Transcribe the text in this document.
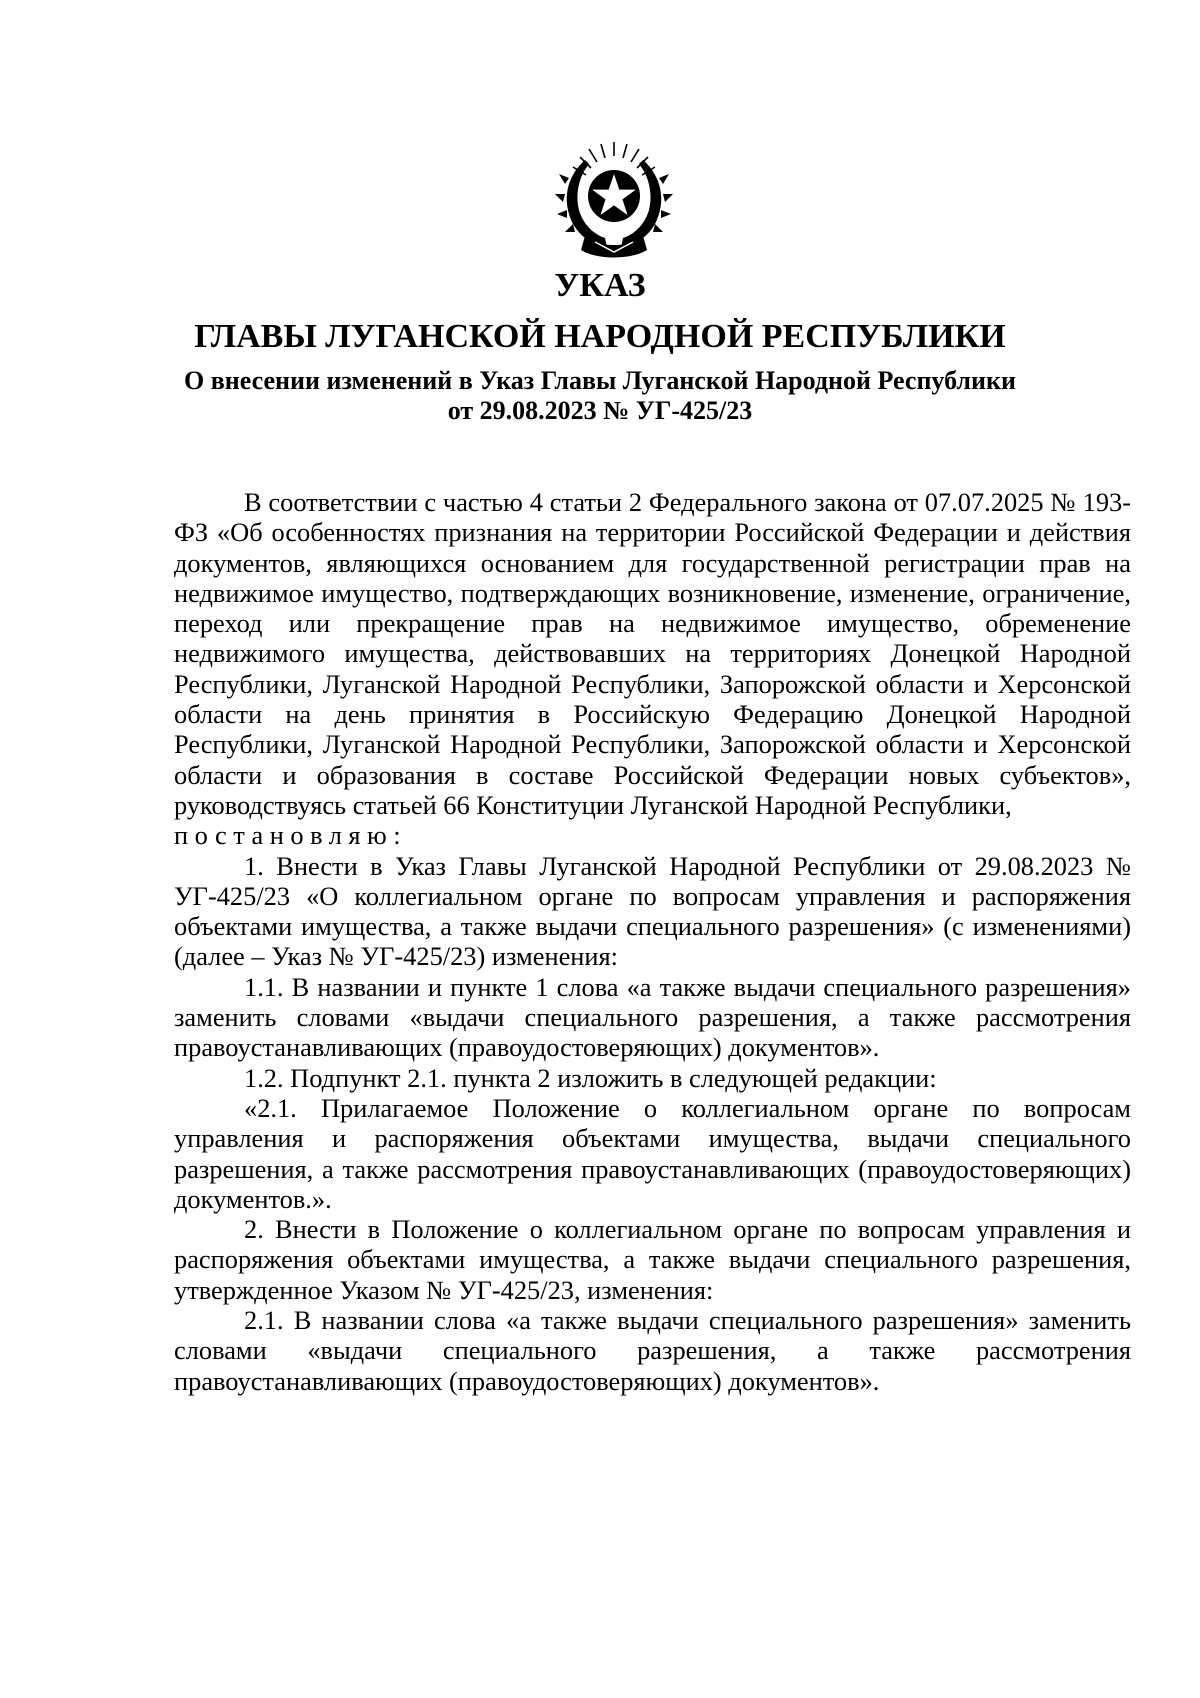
УКАЗ
ГЛАВЫ ЛУГАНСКОЙ НАРОДНОЙ РЕСПУБЛИКИ
О внесении изменений в Указ Главы Луганской Народной Республики
от 29.08.2023 № УГ-425/23

В соответствии с частью 4 статьи 2 Федерального закона от 07.07.2025 № 193-ФЗ «Об особенностях признания на территории Российской Федерации и действия документов, являющихся основанием для государственной регистрации прав на недвижимое имущество, подтверждающих возникновение, изменение, ограничение, переход или прекращение прав на недвижимое имущество, обременение недвижимого имущества, действовавших на территориях Донецкой Народной Республики, Луганской Народной Республики, Запорожской области и Херсонской области на день принятия в Российскую Федерацию Донецкой Народной Республики, Луганской Народной Республики, Запорожской области и Херсонской области и образования в составе Российской Федерации новых субъектов», руководствуясь статьей 66 Конституции Луганской Народной Республики,

постановляю:

1. Внести в Указ Главы Луганской Народной Республики от 29.08.2023 № УГ-425/23 «О коллегиальном органе по вопросам управления и распоряжения объектами имущества, а также выдачи специального разрешения» (с изменениями) (далее – Указ № УГ-425/23) изменения:

1.1. В названии и пункте 1 слова «а также выдачи специального разрешения» заменить словами «выдачи специального разрешения, а также рассмотрения правоустанавливающих (правоудостоверяющих) документов».

1.2. Подпункт 2.1. пункта 2 изложить в следующей редакции:

«2.1. Прилагаемое Положение о коллегиальном органе по вопросам управления и распоряжения объектами имущества, выдачи специального разрешения, а также рассмотрения правоустанавливающих (правоудостоверяющих) документов.».

2. Внести в Положение о коллегиальном органе по вопросам управления и распоряжения объектами имущества, а также выдачи специального разрешения, утвержденное Указом № УГ-425/23, изменения:

2.1. В названии слова «а также выдачи специального разрешения» заменить словами «выдачи специального разрешения, а также рассмотрения правоустанавливающих (правоудостоверяющих) документов».
